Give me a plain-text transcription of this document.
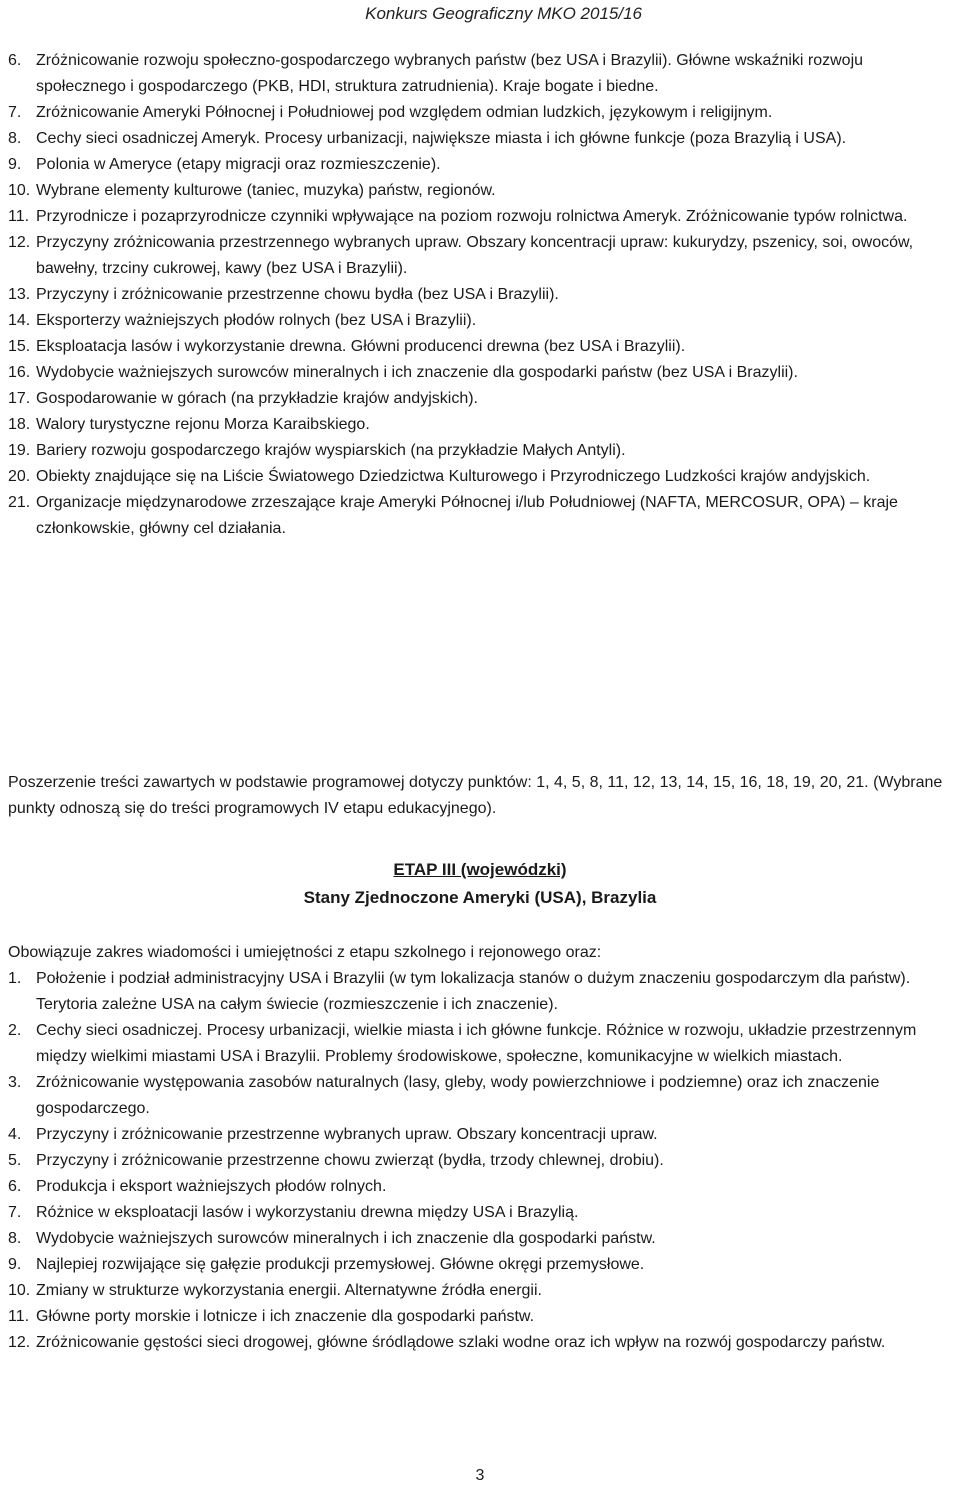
Konkurs Geograficzny MKO 2015/16
6. Zróżnicowanie rozwoju społeczno-gospodarczego wybranych państw (bez USA i Brazylii). Główne wskaźniki rozwoju społecznego i gospodarczego (PKB, HDI, struktura zatrudnienia). Kraje bogate i biedne.
7. Zróżnicowanie Ameryki Północnej i Południowej pod względem odmian ludzkich, językowym i religijnym.
8. Cechy sieci osadniczej Ameryk. Procesy urbanizacji, największe miasta i ich główne funkcje (poza Brazylią i USA).
9. Polonia w Ameryce (etapy migracji oraz rozmieszczenie).
10. Wybrane elementy kulturowe (taniec, muzyka) państw, regionów.
11. Przyrodnicze i pozaprzyrodnicze czynniki wpływające na poziom rozwoju rolnictwa Ameryk. Zróżnicowanie typów rolnictwa.
12. Przyczyny zróżnicowania przestrzennego wybranych upraw. Obszary koncentracji upraw: kukurydzy, pszenicy, soi, owoców, bawełny, trzciny cukrowej, kawy (bez USA i Brazylii).
13. Przyczyny i zróżnicowanie przestrzenne chowu bydła (bez USA i Brazylii).
14. Eksporterzy ważniejszych płodów rolnych (bez USA i Brazylii).
15. Eksploatacja lasów i wykorzystanie drewna. Główni producenci drewna (bez USA i Brazylii).
16. Wydobycie ważniejszych surowców mineralnych i ich znaczenie dla gospodarki państw (bez USA i Brazylii).
17. Gospodarowanie w górach (na przykładzie krajów andyjskich).
18. Walory turystyczne rejonu Morza Karaibskiego.
19. Bariery rozwoju gospodarczego krajów wyspiarskich (na przykładzie Małych Antyli).
20. Obiekty znajdujące się na Liście Światowego Dziedzictwa Kulturowego i Przyrodniczego Ludzkości krajów andyjskich.
21. Organizacje międzynarodowe zrzeszające kraje Ameryki Północnej i/lub Południowej (NAFTA, MERCOSUR, OPA) – kraje członkowskie, główny cel działania.

Poszerzenie treści zawartych w podstawie programowej dotyczy punktów: 1, 4, 5, 8, 11, 12, 13, 14, 15, 16, 18, 19, 20, 21. (Wybrane punkty odnoszą się do treści programowych IV etapu edukacyjnego).

ETAP III (wojewódzki)
Stany Zjednoczone Ameryki (USA), Brazylia

Obowiązuje zakres wiadomości i umiejętności z etapu szkolnego i rejonowego oraz:

1. Położenie i podział administracyjny USA i Brazylii (w tym lokalizacja stanów o dużym znaczeniu gospodarczym dla państw). Terytoria zależne USA na całym świecie (rozmieszczenie i ich znaczenie).
2. Cechy sieci osadniczej. Procesy urbanizacji, wielkie miasta i ich główne funkcje. Różnice w rozwoju, układzie przestrzennym między wielkimi miastami USA i Brazylii. Problemy środowiskowe, społeczne, komunikacyjne w wielkich miastach.
3. Zróżnicowanie występowania zasobów naturalnych (lasy, gleby, wody powierzchniowe i podziemne) oraz ich znaczenie gospodarczego.
4. Przyczyny i zróżnicowanie przestrzenne wybranych upraw. Obszary koncentracji upraw.
5. Przyczyny i zróżnicowanie przestrzenne chowu zwierząt (bydła, trzody chlewnej, drobiu).
6. Produkcja i eksport ważniejszych płodów rolnych.
7. Różnice w eksploatacji lasów i wykorzystaniu drewna między USA i Brazylią.
8. Wydobycie ważniejszych surowców mineralnych i ich znaczenie dla gospodarki państw.
9. Najlepiej rozwijające się gałęzie produkcji przemysłowej. Główne okręgi przemysłowe.
10. Zmiany w strukturze wykorzystania energii. Alternatywne źródła energii.
11. Główne porty morskie i lotnicze i ich znaczenie dla gospodarki państw.
12. Zróżnicowanie gęstości sieci drogowej, główne śródlądowe szlaki wodne oraz ich wpływ na rozwój gospodarczy państw.
3
